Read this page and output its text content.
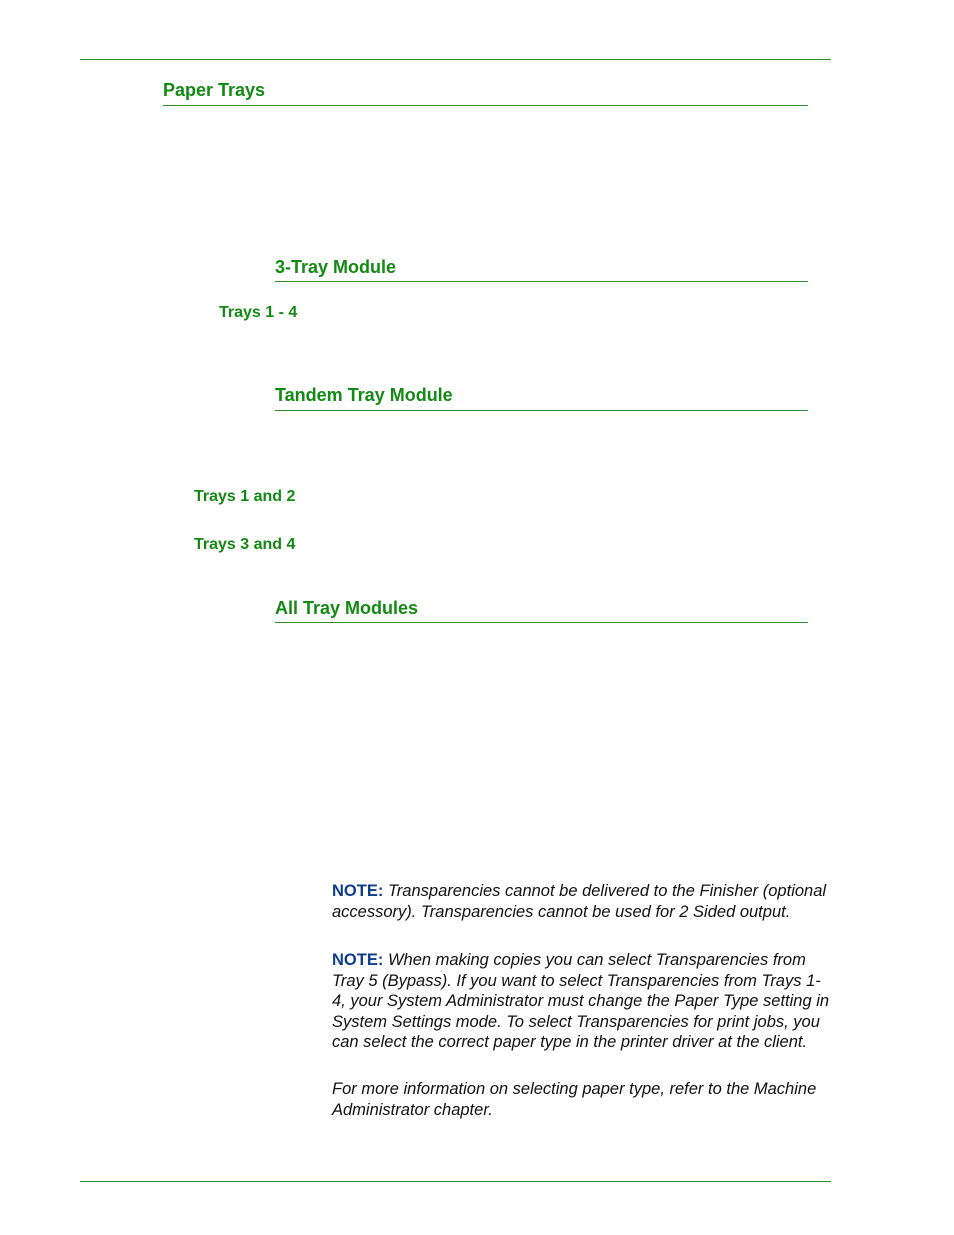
Paper Trays
3-Tray Module
Trays 1 - 4
Tandem Tray Module
Trays 1 and 2
Trays 3 and 4
All Tray Modules

NOTE: Transparencies cannot be delivered to the Finisher (optional accessory). Transparencies cannot be used for 2 Sided output.

NOTE: When making copies you can select Transparencies from Tray 5 (Bypass). If you want to select Transparencies from Trays 1-4, your System Administrator must change the Paper Type setting in System Settings mode. To select Transparencies for print jobs, you can select the correct paper type in the printer driver at the client.

For more information on selecting paper type, refer to the Machine Administrator chapter.
